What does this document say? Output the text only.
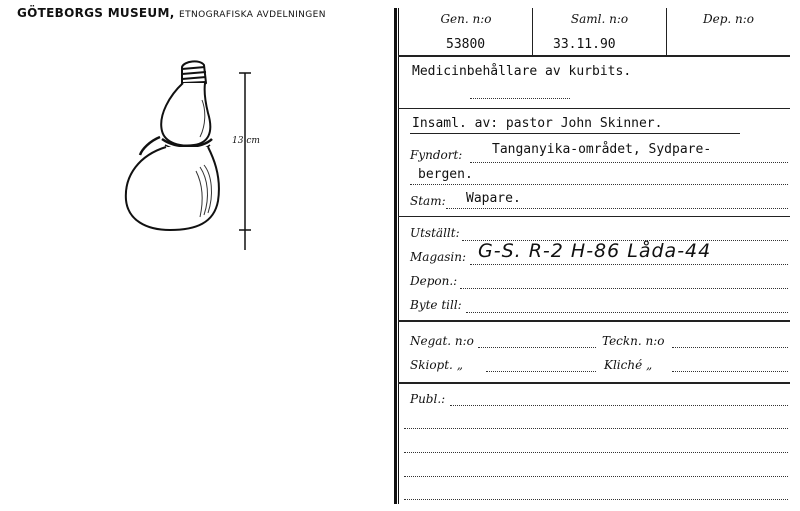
GÖTEBORGS MUSEUM, ETNOGRAFISKA AVDELNINGEN
13 cm
Gen. n:o	Saml. n:o	Dep. n:o
53800	33.11.90
Medicinbehållare av kurbits.
Insaml. av: pastor John Skinner.
Fyndort: Tanganyika-området, Sydpare-
bergen.
Stam: Wapare.
Utställt:
Magasin: G-S. R-2 H-86 Låda-44
Depon.:
Byte till:
Negat. n:o	Teckn. n:o
Skiopt. „	Kliché „
Publ.:
